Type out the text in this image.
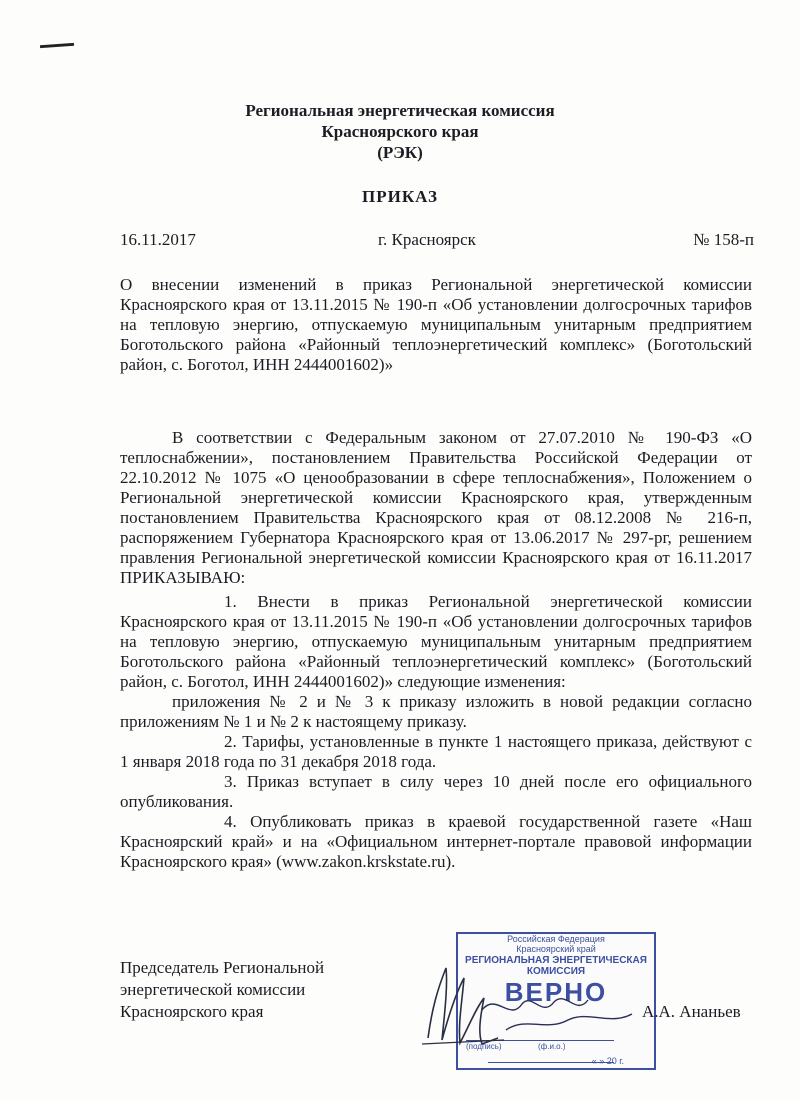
Региональная энергетическая комиссия
Красноярского края
(РЭК)
ПРИКАЗ
16.11.2017	г. Красноярск	№ 158-п
О внесении изменений в приказ Региональной энергетической комиссии Красноярского края от 13.11.2015 № 190-п «Об установлении долгосрочных тарифов на тепловую энергию, отпускаемую муниципальным унитарным предприятием Боготольского района «Районный теплоэнергетический комплекс» (Боготольский район, с. Боготол, ИНН 2444001602)»

В соответствии с Федеральным законом от 27.07.2010 № 190-ФЗ «О теплоснабжении», постановлением Правительства Российской Федерации от 22.10.2012 № 1075 «О ценообразовании в сфере теплоснабжения», Положением о Региональной энергетической комиссии Красноярского края, утвержденным постановлением Правительства Красноярского края от 08.12.2008 № 216-п, распоряжением Губернатора Красноярского края от 13.06.2017 № 297-рг, решением правления Региональной энергетической комиссии Красноярского края от 16.11.2017 ПРИКАЗЫВАЮ:

1. Внести в приказ Региональной энергетической комиссии Красноярского края от 13.11.2015 № 190-п «Об установлении долгосрочных тарифов на тепловую энергию, отпускаемую муниципальным унитарным предприятием Боготольского района «Районный теплоэнергетический комплекс» (Боготольский район, с. Боготол, ИНН 2444001602)» следующие изменения:

приложения № 2 и № 3 к приказу изложить в новой редакции согласно приложениям № 1 и № 2 к настоящему приказу.

2. Тарифы, установленные в пункте 1 настоящего приказа, действуют с 1 января 2018 года по 31 декабря 2018 года.

3. Приказ вступает в силу через 10 дней после его официального опубликования.

4. Опубликовать приказ в краевой государственной газете «Наш Красноярский край» и на «Официальном интернет-портале правовой информации Красноярского края» (www.zakon.krskstate.ru).

Председатель Региональной
энергетической комиссии
Красноярского края
Российская Федерация
Красноярский край
РЕГИОНАЛЬНАЯ ЭНЕРГЕТИЧЕСКАЯ
КОМИССИЯ
ВЕРНО
(подпись)	(ф.и.о.)
« » 20 г.
А.А. Ананьев
